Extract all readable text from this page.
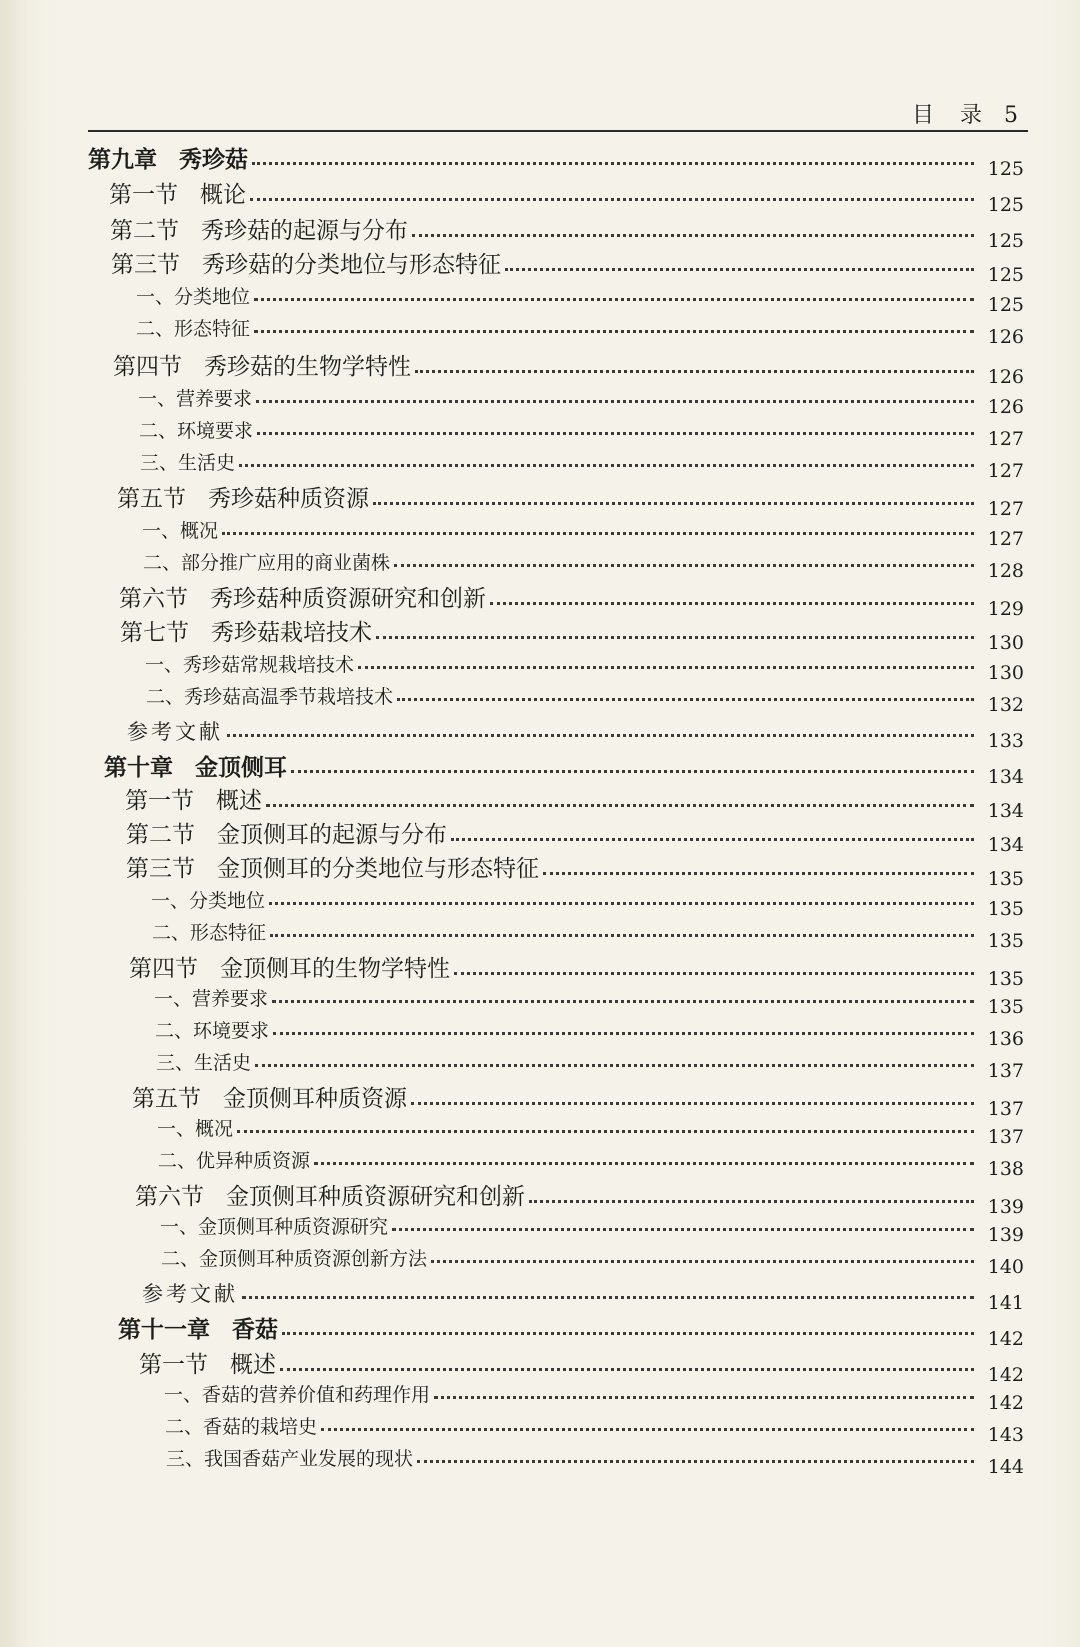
目  录 5
第九章 秀珍菇	125
第一节 概论	125
第二节 秀珍菇的起源与分布	125
第三节 秀珍菇的分类地位与形态特征	125
一、分类地位	125
二、形态特征	126
第四节 秀珍菇的生物学特性	126
一、营养要求	126
二、环境要求	127
三、生活史	127
第五节 秀珍菇种质资源	127
一、概况	127
二、部分推广应用的商业菌株	128
第六节 秀珍菇种质资源研究和创新	129
第七节 秀珍菇栽培技术	130
一、秀珍菇常规栽培技术	130
二、秀珍菇高温季节栽培技术	132
参考文献	133
第十章 金顶侧耳	134
第一节 概述	134
第二节 金顶侧耳的起源与分布	134
第三节 金顶侧耳的分类地位与形态特征	135
一、分类地位	135
二、形态特征	135
第四节 金顶侧耳的生物学特性	135
一、营养要求	135
二、环境要求	136
三、生活史	137
第五节 金顶侧耳种质资源	137
一、概况	137
二、优异种质资源	138
第六节 金顶侧耳种质资源研究和创新	139
一、金顶侧耳种质资源研究	139
二、金顶侧耳种质资源创新方法	140
参考文献	141
第十一章 香菇	142
第一节 概述	142
一、香菇的营养价值和药理作用	142
二、香菇的栽培史	143
三、我国香菇产业发展的现状	144
